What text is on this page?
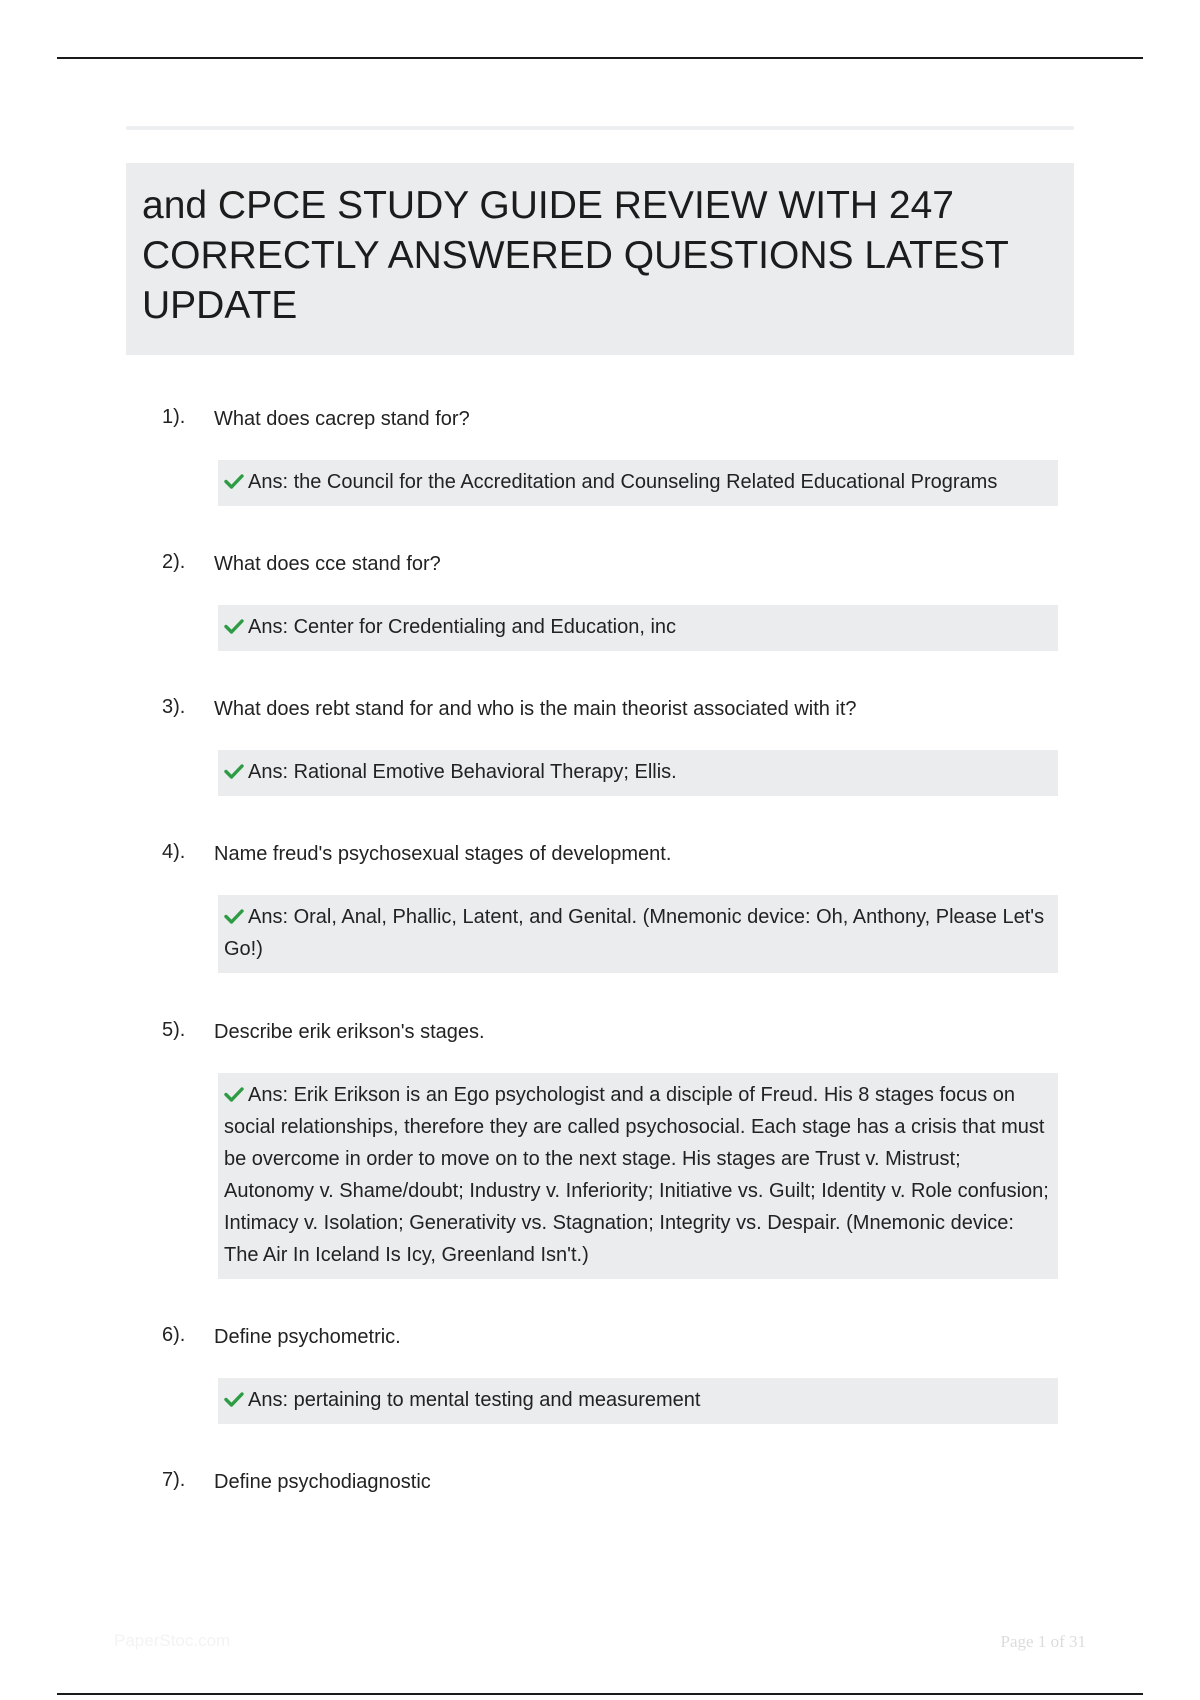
and CPCE STUDY GUIDE REVIEW WITH 247 CORRECTLY ANSWERED QUESTIONS LATEST UPDATE
1). What does cacrep stand for?
Ans: the Council for the Accreditation and Counseling Related Educational Programs
2). What does cce stand for?
Ans: Center for Credentialing and Education, inc
3). What does rebt stand for and who is the main theorist associated with it?
Ans: Rational Emotive Behavioral Therapy; Ellis.
4). Name freud's psychosexual stages of development.
Ans: Oral, Anal, Phallic, Latent, and Genital. (Mnemonic device: Oh, Anthony, Please Let's Go!)
5). Describe erik erikson's stages.
Ans: Erik Erikson is an Ego psychologist and a disciple of Freud. His 8 stages focus on social relationships, therefore they are called psychosocial. Each stage has a crisis that must be overcome in order to move on to the next stage. His stages are Trust v. Mistrust; Autonomy v. Shame/doubt; Industry v. Inferiority; Initiative vs. Guilt; Identity v. Role confusion; Intimacy v. Isolation; Generativity vs. Stagnation; Integrity vs. Despair. (Mnemonic device: The Air In Iceland Is Icy, Greenland Isn't.)
6). Define psychometric.
Ans: pertaining to mental testing and measurement
7). Define psychodiagnostic
PaperStoc.com	Page 1 of 31
